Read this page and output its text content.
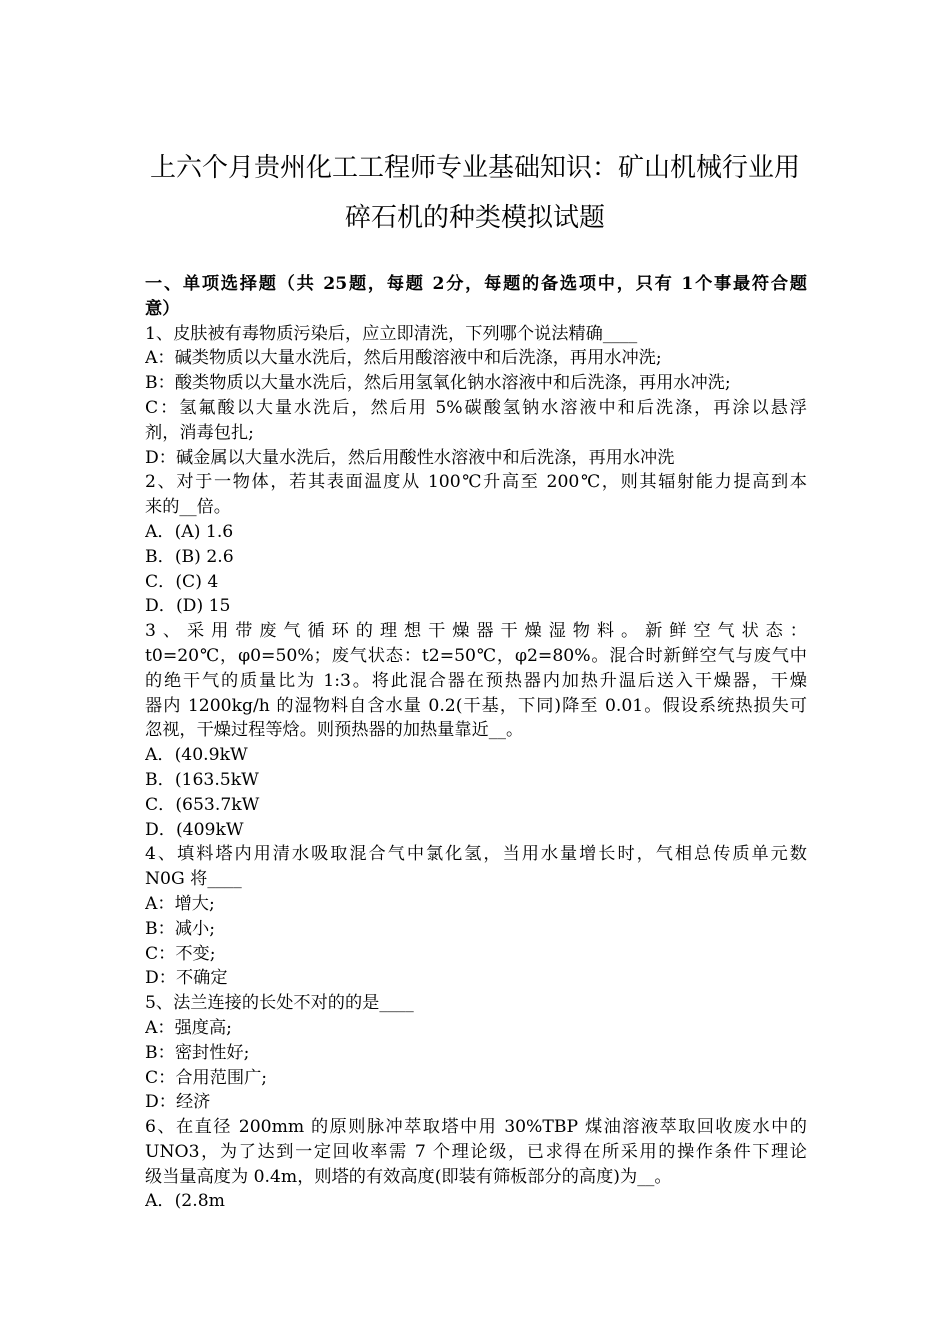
上六个月贵州化工工程师专业基础知识：矿山机械行业用
碎石机的种类模拟试题
一、单项选择题（共 25题，每题 2分，每题的备选项中，只有 1个事最符合题
意）
1、皮肤被有毒物质污染后，应立即清洗，下列哪个说法精确____
A：碱类物质以大量水洗后，然后用酸溶液中和后洗涤，再用水冲洗;
B：酸类物质以大量水洗后，然后用氢氧化钠水溶液中和后洗涤，再用水冲洗;
C：氢氟酸以大量水洗后，然后用 5%碳酸氢钠水溶液中和后洗涤，再涂以悬浮
剂，消毒包扎;
D：碱金属以大量水洗后，然后用酸性水溶液中和后洗涤，再用水冲洗
2、对于一物体，若其表面温度从 100℃升高至 200℃，则其辐射能力提高到本
来的__倍。
A．(A) 1.6
B．(B) 2.6
C．(C) 4
D．(D) 15
3、采用带废气循环的理想干燥器干燥湿物料。新鲜空气状态：
t0=20℃，φ0=50%；废气状态：t2=50℃，φ2=80%。混合时新鲜空气与废气中
的绝干气的质量比为 1:3。将此混合器在预热器内加热升温后送入干燥器，干燥
器内 1200kg/h 的湿物料自含水量 0.2(干基，下同)降至 0.01。假设系统热损失可
忽视，干燥过程等焓。则预热器的加热量靠近__。
A．(40.9kW
B．(163.5kW
C．(653.7kW
D．(409kW
4、填料塔内用清水吸取混合气中氯化氢，当用水量增长时，气相总传质单元数
N0G 将____
A：增大;
B：减小;
C：不变;
D：不确定
5、法兰连接的长处不对的的是____
A：强度高;
B：密封性好;
C：合用范围广;
D：经济
6、在直径 200mm 的原则脉冲萃取塔中用 30%TBP 煤油溶液萃取回收废水中的
UNO3，为了达到一定回收率需 7 个理论级，已求得在所采用的操作条件下理论
级当量高度为 0.4m，则塔的有效高度(即装有筛板部分的高度)为__。
A．(2.8m
